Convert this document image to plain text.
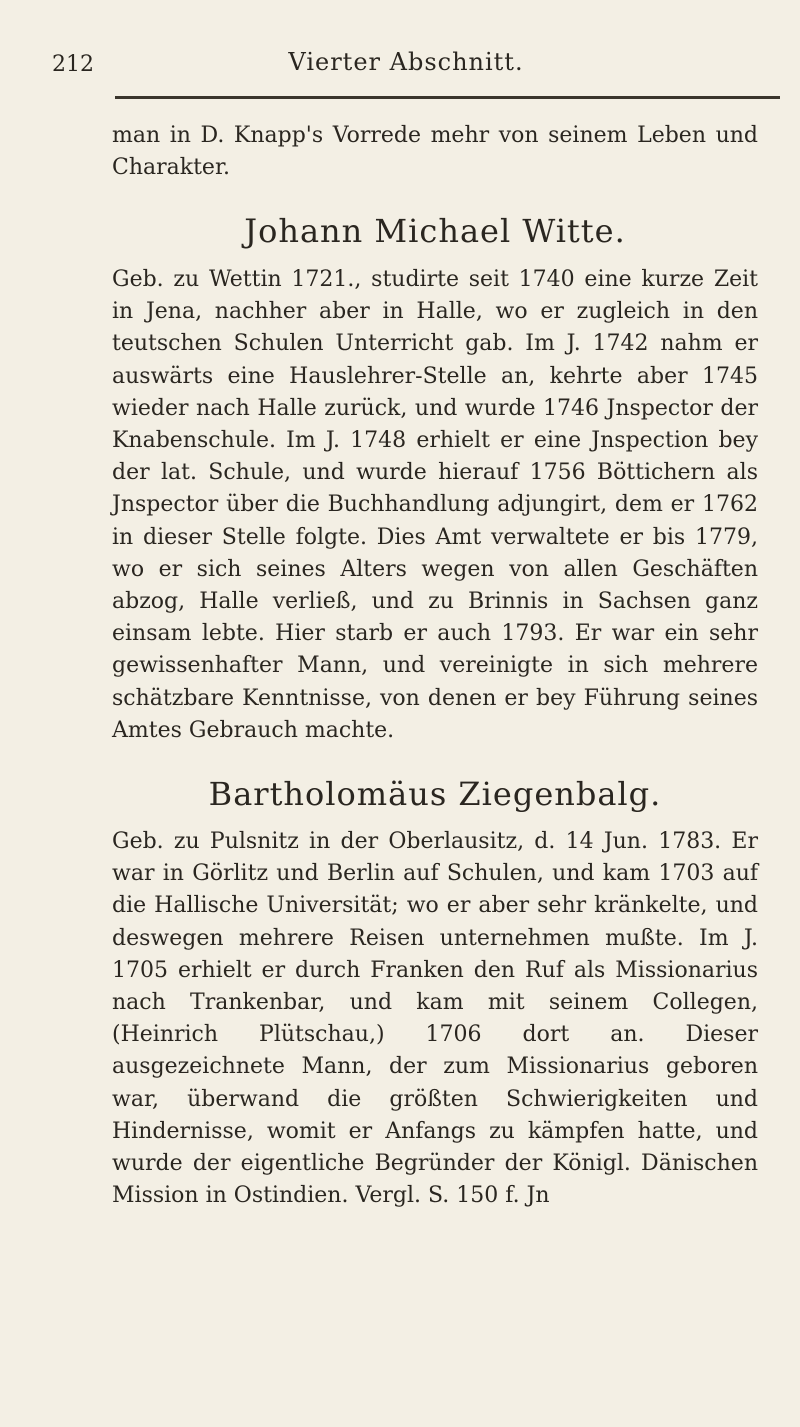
212	Vierter Abschnitt.
man in D. Knapp's Vorrede mehr von seinem Leben und Charakter.
Johann Michael Witte.
Geb. zu Wettin 1721., studirte seit 1740 eine kurze Zeit in Jena, nachher aber in Halle, wo er zugleich in den teutschen Schulen Unterricht gab. Im J. 1742 nahm er auswärts eine Hauslehrer-Stelle an, kehrte aber 1745 wieder nach Halle zurück, und wurde 1746 Jnspector der Knabenschule. Im J. 1748 erhielt er eine Jnspection bey der lat. Schule, und wurde hierauf 1756 Böttichern als Jnspector über die Buchhandlung adjungirt, dem er 1762 in dieser Stelle folgte. Dies Amt verwaltete er bis 1779, wo er sich seines Alters wegen von allen Geschäften abzog, Halle verließ, und zu Brinnis in Sachsen ganz einsam lebte. Hier starb er auch 1793. Er war ein sehr gewissenhafter Mann, und vereinigte in sich mehrere schätzbare Kenntnisse, von denen er bey Führung seines Amtes Gebrauch machte.
Bartholomäus Ziegenbalg.
Geb. zu Pulsnitz in der Oberlausitz, d. 14 Jun. 1783. Er war in Görlitz und Berlin auf Schulen, und kam 1703 auf die Hallische Universität; wo er aber sehr kränkelte, und deswegen mehrere Reisen unternehmen mußte. Im J. 1705 erhielt er durch Franken den Ruf als Missionarius nach Trankenbar, und kam mit seinem Collegen, (Heinrich Plütschau,) 1706 dort an. Dieser ausgezeichnete Mann, der zum Missionarius geboren war, überwand die größten Schwierigkeiten und Hindernisse, womit er Anfangs zu kämpfen hatte, und wurde der eigentliche Begründer der Königl. Dänischen Mission in Ostindien. Vergl. S. 150 f. Jn
